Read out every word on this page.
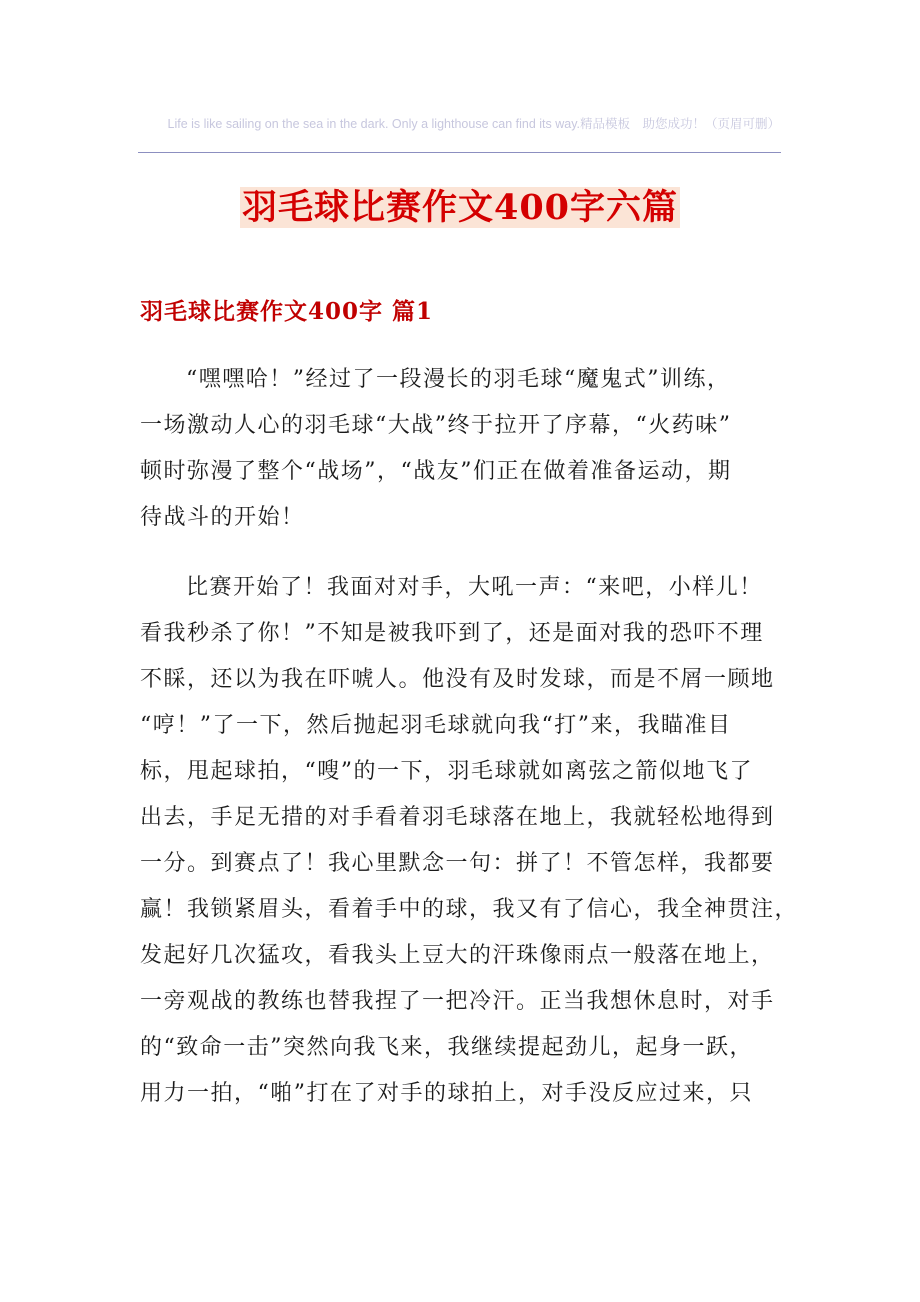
Life is like sailing on the sea in the dark. Only a lighthouse can find its way.精品模板　助您成功！（页眉可删）
羽毛球比赛作文400字六篇
羽毛球比赛作文400字 篇1
“嘿嘿哈！”经过了一段漫长的羽毛球“魔鬼式”训练，
一场激动人心的羽毛球“大战”终于拉开了序幕，“火药味”
顿时弥漫了整个“战场”，“战友”们正在做着准备运动，期
待战斗的开始！
比赛开始了！我面对对手，大吼一声：“来吧，小样儿！
看我秒杀了你！”不知是被我吓到了，还是面对我的恐吓不理
不睬，还以为我在吓唬人。他没有及时发球，而是不屑一顾地
“哼！”了一下，然后抛起羽毛球就向我“打”来，我瞄准目
标，甩起球拍，“嗖”的一下，羽毛球就如离弦之箭似地飞了
出去，手足无措的对手看着羽毛球落在地上，我就轻松地得到
一分。到赛点了！我心里默念一句：拼了！不管怎样，我都要
赢！我锁紧眉头，看着手中的球，我又有了信心，我全神贯注，
发起好几次猛攻，看我头上豆大的汗珠像雨点一般落在地上，
一旁观战的教练也替我捏了一把冷汗。正当我想休息时，对手
的“致命一击”突然向我飞来，我继续提起劲儿，起身一跃，
用力一拍，“啪”打在了对手的球拍上，对手没反应过来，只
